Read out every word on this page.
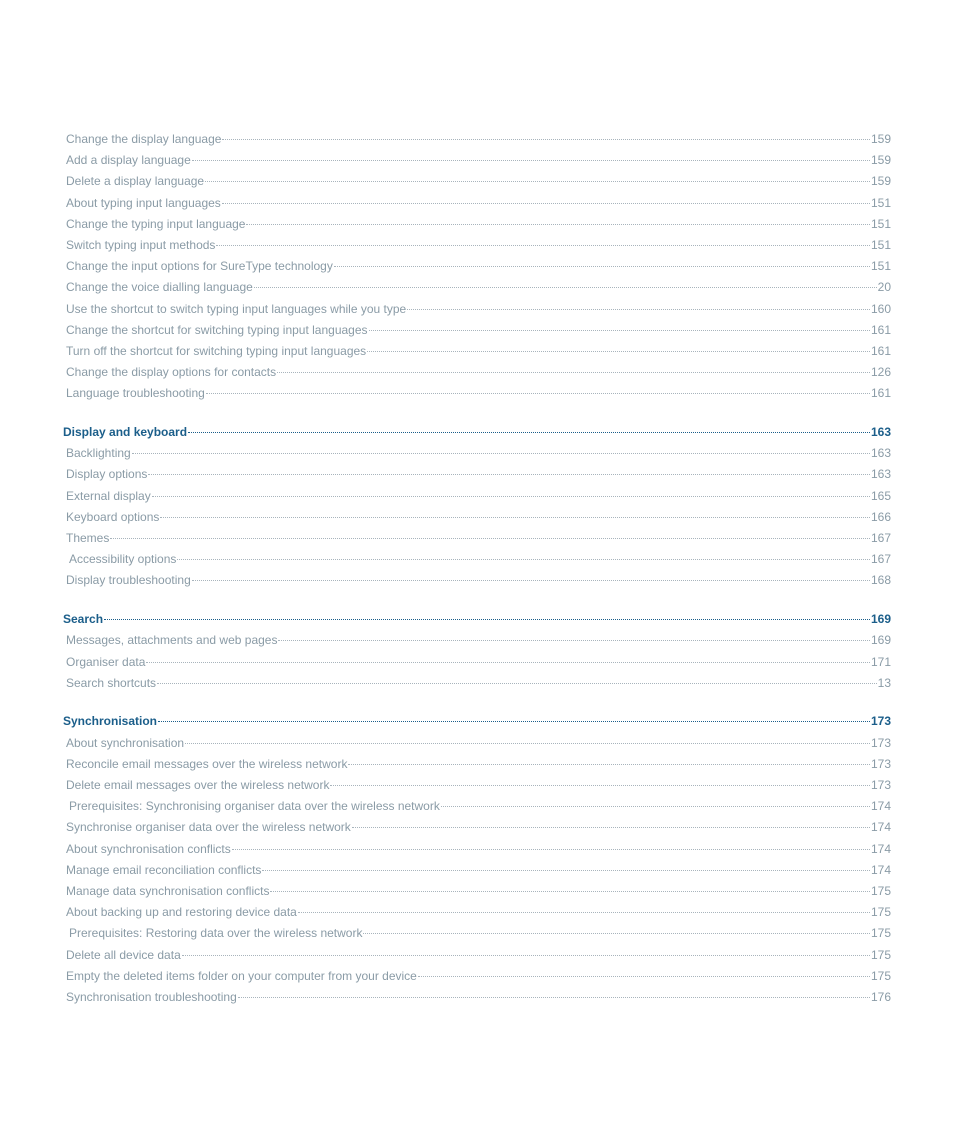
Change the display language	159
Add a display language	159
Delete a display language	159
About typing input languages	151
Change the typing input language	151
Switch typing input methods	151
Change the input options for SureType technology	151
Change the voice dialling language	20
Use the shortcut to switch typing input languages while you type	160
Change the shortcut for switching typing input languages	161
Turn off the shortcut for switching typing input languages	161
Change the display options for contacts	126
Language troubleshooting	161
Display and keyboard	163
Backlighting	163
Display options	163
External display	165
Keyboard options	166
Themes	167
Accessibility options	167
Display troubleshooting	168
Search	169
Messages, attachments and web pages	169
Organiser data	171
Search shortcuts	13
Synchronisation	173
About synchronisation	173
Reconcile email messages over the wireless network	173
Delete email messages over the wireless network	173
Prerequisites: Synchronising organiser data over the wireless network	174
Synchronise organiser data over the wireless network	174
About synchronisation conflicts	174
Manage email reconciliation conflicts	174
Manage data synchronisation conflicts	175
About backing up and restoring device data	175
Prerequisites: Restoring data over the wireless network	175
Delete all device data	175
Empty the deleted items folder on your computer from your device	175
Synchronisation troubleshooting	176
